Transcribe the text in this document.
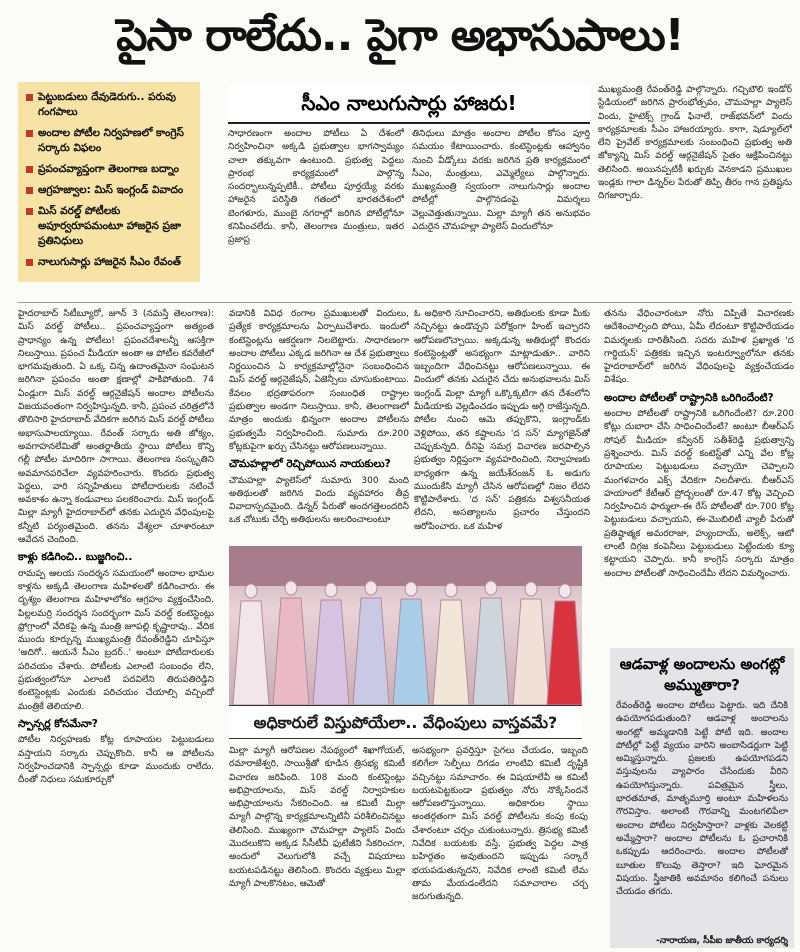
పైసా రాలేదు.. పైగా అభాసుపాలు!
పెట్టుబడులు దేవుడెరుగు.. పరువు గంగపాలు
అందాల పోటీల నిర్వహణలో కాంగ్రెస్ సర్కారు విఫలం
ప్రపంచవ్యాప్తంగా తెలంగాణ బద్నాం
ఆగ్రహజ్వాల: మిస్ ఇంగ్లండ్ వివాదం
మిస్ వరల్డ్ పోటీలకు అపూర్వరూపమంటూ హాజరైన ప్రజా ప్రతినిధులు
నాలుగుసార్లు హాజరైన సీఎం రేవంత్
సీఎం నాలుగుసార్లు హాజరు!

సాధారణంగా అందాల పోటీలు ఏ దేశంలో నిర్వహించినా అక్కడి ప్రభుత్వాల భాగస్వామ్యం చాలా తక్కువగా ఉంటుంది. ప్రభుత్వ పెద్దలు ప్రారంభ కార్యక్రమంలో పాల్గొన్న సందర్భాలున్నప్పటికీ.. పోటీలు పూర్తయ్యే వరకు హాజరైన పరిస్థితి గతంలో భారతదేశంలో బెంగళూరు, ముంబై నగరాల్లో జరిగిన పోటీల్లోనూ కనిపించలేదు. కానీ, తెలంగాణ మంత్రులు, ఇతర ప్రజాప్ర

తినిధులు మాత్రం అందాల పోటీల కోసం పూర్తి సమయం కేటాయించారు. కంటెస్టెంట్లకు ఆహ్వానం నుంచి వీడ్కోలు వరకు జరిగిన ప్రతి కార్యక్రమంలో సీఎం, మంత్రులు, ఎమ్మెల్యేలు పాల్గొన్నారు. ముఖ్యమంత్రి స్వయంగా నాలుగుసార్లు అందాల పోటీల్లో పాల్గొనడంపై విమర్శలు వెల్లువెత్తుతున్నాయి. మిల్లా మ్యాగీ తన అనుభవం ఎదురైన చౌమహల్లా ప్యాలెస్ విందులోనూ

ముఖ్యమంత్రి రేవంత్‌రెడ్డి పాల్గొన్నారు. గచ్చిబౌలి ఇండోర్ స్టేడియంలో జరిగిన ప్రారంభోత్సవం, చౌమహల్లా ప్యాలెస్ విందు, హైటెక్స్ గ్రాండ్ ఫినాలే, రాజ్‌భవన్‌లో విందు కార్యక్రమాలకు సీఎం హాజరయ్యారు. కాగా, షెడ్యూల్‌లో లేని ప్రైవేట్ కార్యక్రమాలకు సంబంధించి ప్రభుత్వ అతి జోక్యాన్ని మిస్ వరల్డ్ ఆర్గనైజేషన్ సైతం ఆక్షేపించినట్టు తెలిసింది. అయినప్పటికీ ఖర్చుకు వెనకాడని ప్రముఖుల ఇండ్లకు గాలా డిన్నర్‌ల పేరుతో తిప్పి తీరం గాన ప్రతిష్టను దిగజార్చారు.

హైదరాబాద్ సిటీబ్యూరో, జూన్ 3 (నమస్తే తెలంగాణ): మిస్ వరల్డ్ పోటీలు.. ప్రపంచవ్యాప్తంగా అత్యంత ప్రాధాన్యం ఉన్న పోటీలు! ప్రపంచదేశాలన్నీ ఆసక్తిగా నిలుస్తాయి. ప్రపంచ మీడియా అంతా ఆ పోటీల కవరేజీలో భాగమవుతుంది. ఏ ఒక్క చిన్న ఉదాంతమైనా సంఘటన జరిగినా ప్రపంచం అంతా క్షణాల్లో పాకిపోతుంది. 74 ఏండ్లుగా మిస్ వరల్డ్ ఆర్గనైజేషన్ అందాల పోటీలను విజయవంతంగా నిర్వహిస్తున్నది. కానీ, ప్రపంచ చరిత్రలోనే తొలిసారి హైదరాబాద్ వేదికగా జరిగిన మిస్ వరల్డ్ పోటీలు అభాసుపాలయ్యాయి. రేవంత్ సర్కారు అతి జోక్యం, అవగాహనలేమితో అంతర్జాతీయ స్థాయి పోటీలు కొన్ని గల్లీ పోటీల మాదిరిగా సాగాయి. తెలంగాణ సంస్కృతిని అవమానపరిచేలా వ్యవహరించారు. కొందరు ప్రభుత్వ పెద్దలు, వారి సన్నిహితులు పోటీదారులకు నటించే అవకాశం ఉన్నా కండువాలు పలకరించారు. మిస్ ఇంగ్లండ్ మిల్లా మ్యాగీ హైదరాబాద్‌లో తనకు ఎదురైన వేధింపులపై కన్నీటి పర్యంతమైంది. తనను వేశ్యలా చూశారంటూ ఆవేదన చెందింది.

కాళ్లు కడిగించి.. బుజ్జగించి..

రామప్ప ఆలయ సందర్శన సమయంలో అందాల భామల కాళ్లను అక్కడి తెలంగాణ మహిళలతో కడిగించారు. ఈ దృశ్యం తెలంగాణ మహిళాలోకం ఆగ్రహం వ్యక్తంచేసింది. పిల్లలమర్రి సందర్శన సందర్భంగా మిస్ వరల్డ్ కంటెస్టెంట్లు ఫ్రోగ్రాంలో వేదికపై ఉన్న మంత్రి జూపల్లి కృష్ణారావు.. వేదిక ముందు కూర్చున్న ముఖ్యమంత్రి రేవంత్‌రెడ్డిని చూపిస్తూ 'అదిగో.. ఆయనే సీఎం బ్రదర్..' అంటూ పోటీదారులకు పరిచయం చేశారు. పోటీలకు ఎలాంటి సంబంధం లేని, ప్రభుత్వంలోనూ ఎలాంటి పదవిలేని తిరుపతిరెడ్డిని కంటెస్టెంట్లకు ఎందుకు పరిచయం చేయాల్సి వచ్చిందో మంత్రికే తెలియాలి.

స్పాన్సర్ల కోసమేనా?

పోటీల నిర్వహణకు కోట్ల రూపాయల పెట్టుబడులు వస్తాయని సర్కారు చెప్పుకొంది. కానీ ఆ పోటీలను నిర్వహించడానికి స్పాన్సర్లు కూడా ముందుకు రాలేదు. దీంతో నిధులు సమకూర్చుకో

వడానికి వివిధ రంగాల ప్రముఖులతో విందులు, ప్రత్యేక కార్యక్రమాలను ఏర్పాటుచేశారు. ఇందులో కంటెస్టెంట్లను ఆకర్షణగా నిలబెట్టారు. సాధారణంగా అందాల పోటీలు ఎక్కడ జరిగినా ఆ దేశ ప్రభుత్వాలు నిర్ణయించిన ఏ కార్యక్రమాల్లోనైనా సంబంధించిన మిస్ వరల్డ్ ఆర్గనైజేషన్, ఏజెన్సీలు చూసుకుంటాయి. కేవలం భద్రతాపరంగా సంబంధిత రాష్ట్రాల ప్రభుత్వాల అండగా నిలుస్తాయి. కానీ, తెలంగాణలో మాత్రం అందుకు భిన్నంగా అందాల పోటీలను ప్రభుత్వమే నిర్వహించింది. సుమారు రూ.200 కోట్లకుపైగా ఖర్చు చేసినట్టు ఆరోపణలున్నాయి.

చౌమహల్లాలో రెచ్చిపోయిన నాయకులు?

చౌమహల్లా ప్యాలెస్‌లో సుమారు 300 మంది అతిథులతో జరిగిన విందు వ్యవహారం తీవ్ర వివాదాస్పదమైంది. డిన్నర్ పేరుతో అందగత్తెలందరినీ ఒక చోటుకు చేర్చి అతిథులను అలరించాలంటూ

ఓ అధికారి సూచించారని, అతిథులకు కూడా మీకు నచ్చినట్టు ఉండొచ్చని పరోక్షంగా హింట్ ఇచ్చారని ఆరోపణలొచ్చాయి. అక్కడున్న అతిథుల్లో కొందరు కంటెస్టెంట్లతో అసభ్యంగా మాట్లాడుతూ.. వారిని ఇబ్బందిగా వేధించినట్టు ఆరోపణలున్నాయి. ఈ విందులో తనకు ఎదురైన చేదు అనుభవాలను మిస్ ఇంగ్లండ్ మిల్లా మ్యాగీ ఒక్కొక్కటిగా తన దేశంలోని మీడియాకు వెల్లడించడం ఇప్పుడు అగ్గి రాజేస్తున్నది. పోటీల నుంచి ఆమె తప్పుకొని, ఇంగ్లాండ్‌కు వెళ్లిపోయి, తన కష్టాలను 'ద సన్' మ్యాగజైన్‌తో చెప్పుకున్నది. దీనిపై సమగ్ర విచారణ జరపాల్సిన ప్రభుత్వం నిర్లిప్తంగా వ్యవహరించింది. నిర్వాహణకు బాధ్యతగా ఉన్న జయేశ్‌రంజన్ ఓ అడుగు ముందుకేసి మ్యాగీ చేసిన ఆరోపణల్లో నిజం లేదని కొట్టిపారేశారు. 'ద సన్' పత్రికను విశ్వసనీయత లేదని, అసత్యాలను ప్రచారం చేస్తుందని ఆరోపించారు. ఒక మహిళ

అధికారులే విస్తుపోయేలా.. వేధింపులు వాస్తవమే?

మిల్లా మ్యాగీ ఆరోపణల నేపథ్యంలో శిఖాగోయల్, రమారాజేశ్వరి, సాయిశ్రీతో కూడిన త్రిసభ్య కమిటీ విచారణ జరిపింది. 108 మంది కంటెస్టెంట్లు అభిప్రాయాలను, మిస్ వరల్డ్ నిర్వాహకుల అభిప్రాయాలను సేకరించింది. ఆ కమిటీ మిల్లా మ్యాగీ పాల్గొన్న కార్యక్రమాలన్నిటినీ పరిశీలించినట్టు తెలిసింది. ముఖ్యంగా చౌమహల్లా ప్యాలెస్ విందు మొదలుకొని అక్కడ సీసీటీవీ ఫుటేజీని సేకరించగా, అందులో వెలుగులోకి వచ్చే విషయాలు బయటపడినట్టు తెలిసింది. కొందరు వ్యక్తులు మిల్లా మ్యాగీ పాలకొనటం, ఆమెతో

అసభ్యంగా ప్రవర్తిస్తూ సైగలు చేయడం, ఇబ్బంది కలిగేలా సెల్ఫీలు దిగడం లాంటివి కమిటీ దృష్టికి వచ్చినట్టు సమాచారం. ఈ విషయాలేవీ ఆ కమిటీ బయటపెట్టకుండా ప్రభుత్వం నోరు నొక్కేసిందనే ఆరోపణలొస్తున్నాయి. అధికారుల స్థాయి అంతర్గతంగా మిస్ వరల్డ్ పోటీలను కంపు కంపు చేశారంటూ చర్చం చుకుంటున్నారు. త్రిసభ్య కమిటీ నివేదిక బయటకు వస్తే, ప్రభుత్వ పెద్దల పాత్ర బహిర్గతం అవుతుందని ఇప్పుడు సర్కారే భయపడుతున్నదని, నివేదిక లాంటి కమిటీ లేమ తామ మేయడంలేదని సమాచారాల చర్చ జరుగుతున్నది.

తనను వేధించారంటూ నోరు విప్పితే విచారణకు ఆదేశించాల్సింది పోయి, ఏమీ లేదంటూ కొట్టిపారేయడం విమర్శలకు దారితీసింది. సదరు మహిళ ప్రఖ్యాత 'ద గార్డియన్' పత్రికకు ఇచ్చిన ఇంటర్వ్యూలోనూ తనకు హైదరాబాద్‌లో జరిగిన వేధింపులపై వ్యక్తంచేయడం విశేషం.

అందాల పోటీలతో రాష్ట్రానికి ఒరిగిందేంటి?

అందాల పోటీలతో రాష్ట్రానికి ఒరిగిందేంటి? రూ.200 కోట్లు దుబారా చేసి సాధించిందేంటి? అంటూ బీఆర్ఎస్ సోషల్ మీడియా కన్వీనర్ సతీశ్‌రెడ్డి ప్రభుత్వాన్ని ప్రశ్నించారు. మిస్ వరల్డ్ కంటెస్ట్‌తో ఎన్ని వేల కోట్ల రూపాయల పెట్టుబడులు వచ్చాయో చెప్పాలని మంగళవారం ఎక్స్ వేదికగా నిలదీశారు. బీఆర్ఎస్ హయాంలో కేటీఆర్ ప్రోద్బలంతో రూ.47 కోట్ల వెచ్చించి నిర్వహించిన ఫార్ములా-ఈ రేస్ పోటీలతో రూ.700 కోట్ల పెట్టుబడులు వచ్చాయని, ఈ-మొబిలిటీ వ్యాలీ పేరుతో ప్రతిష్ఠాత్మక అమరరాజా, హ్యుందాయ్, అలెక్స్, ఆటో లాంటి దిగ్గజ కంపెనీలు పెట్టుబడులు పెట్టేందుకు క్యూ కట్టాయని చెప్పారు. కానీ కాంగ్రెస్ సర్కారు మాత్రం అందాల పోటీలతో సాధించిందేమీ లేదని విమర్శించారు.

ఆడవాళ్ల అందాలను అంగట్లో అమ్ముతారా?

రేవంత్‌రెడ్డి అందాల పోటీలు పెట్టారు. ఇది దేనికి ఉపయోగపడుతుంది? ఆడవాళ్ల అందాలను అంగట్లో అమ్మడానికి పెట్టే పోటీ ఇది. అందాల పోటీల్లో పెట్టే వ్యయం వారిని అంబాసిడర్లుగా పెట్టి అమ్మిస్తున్నారు. ప్రజలకు ఉపయోగపడని వస్తువులను వ్యాపారం చేసేందుకు వీరిని ఉపయోగిస్తున్నారు. పవిత్రమైన స్త్రీలు, భారతమాత, మాతృమూర్తి అంటూ మహిళలను గౌరవిస్తాం. అలాంటి గౌరవాన్ని మంటగలిపేలా అందాల పోటీలు నిర్వహిస్తారా? వాళ్లకు వెలకట్టి అమ్మేస్తారా? అందాల పోటీలను ఓ ప్రచారానికి ఒకప్పుడు ఆదరించారు. అందాల పోటీలతో బూతుల కొలువు తెస్తారా? ఇది ఘోరమైన విషయం. స్త్రీజాతికి అవమానం కలిగించే పనులు చేయడం తగదు.

-నారాయణ, సీపీఐ జాతీయ కార్యదర్శి
